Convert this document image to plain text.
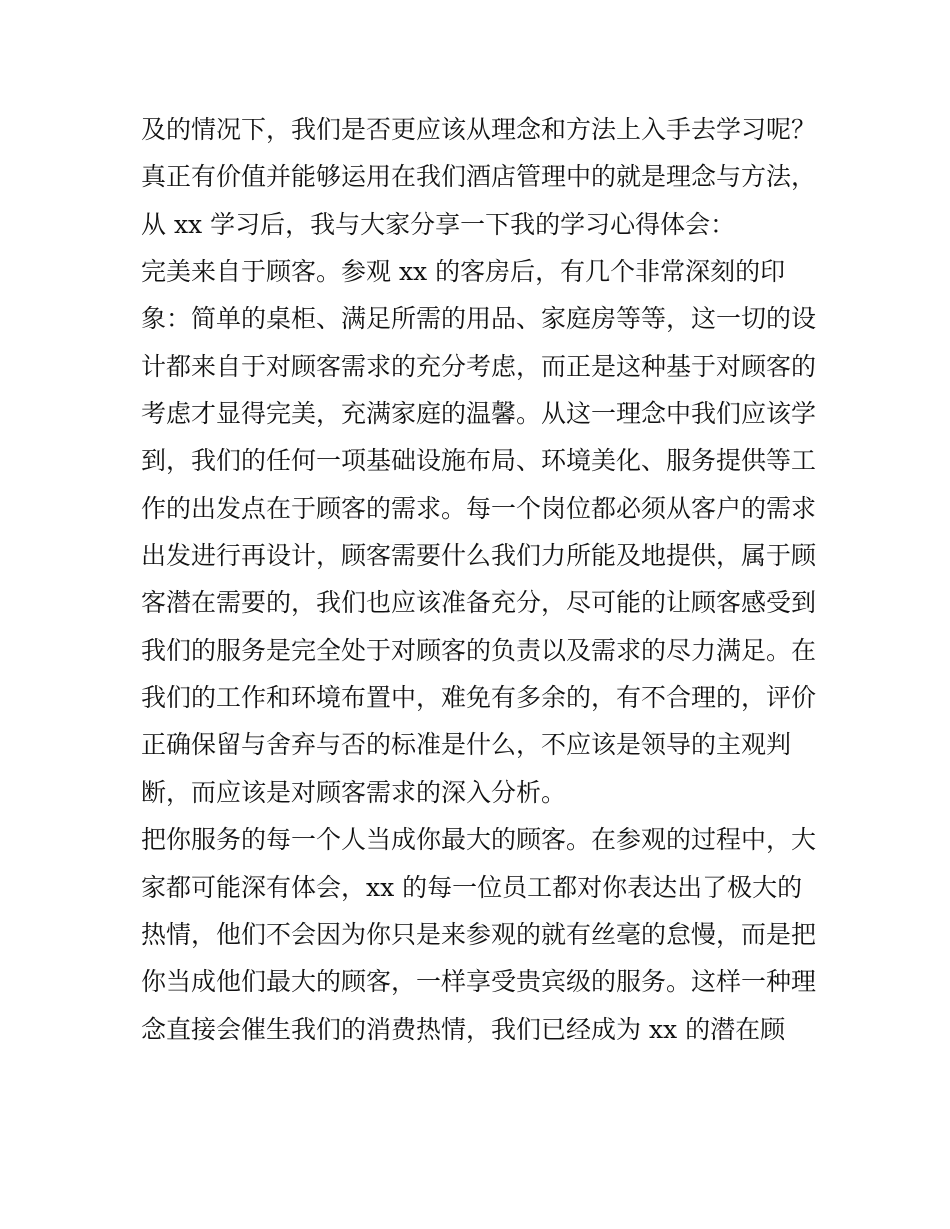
及的情况下，我们是否更应该从理念和方法上入手去学习呢？
真正有价值并能够运用在我们酒店管理中的就是理念与方法，
从 xx 学习后，我与大家分享一下我的学习心得体会：
完美来自于顾客。参观 xx 的客房后，有几个非常深刻的印
象：简单的桌柜、满足所需的用品、家庭房等等，这一切的设
计都来自于对顾客需求的充分考虑，而正是这种基于对顾客的
考虑才显得完美，充满家庭的温馨。从这一理念中我们应该学
到，我们的任何一项基础设施布局、环境美化、服务提供等工
作的出发点在于顾客的需求。每一个岗位都必须从客户的需求
出发进行再设计，顾客需要什么我们力所能及地提供，属于顾
客潜在需要的，我们也应该准备充分，尽可能的让顾客感受到
我们的服务是完全处于对顾客的负责以及需求的尽力满足。在
我们的工作和环境布置中，难免有多余的，有不合理的，评价
正确保留与舍弃与否的标准是什么，不应该是领导的主观判
断，而应该是对顾客需求的深入分析。
把你服务的每一个人当成你最大的顾客。在参观的过程中，大
家都可能深有体会，xx 的每一位员工都对你表达出了极大的
热情，他们不会因为你只是来参观的就有丝毫的怠慢，而是把
你当成他们最大的顾客，一样享受贵宾级的服务。这样一种理
念直接会催生我们的消费热情，我们已经成为 xx 的潜在顾
